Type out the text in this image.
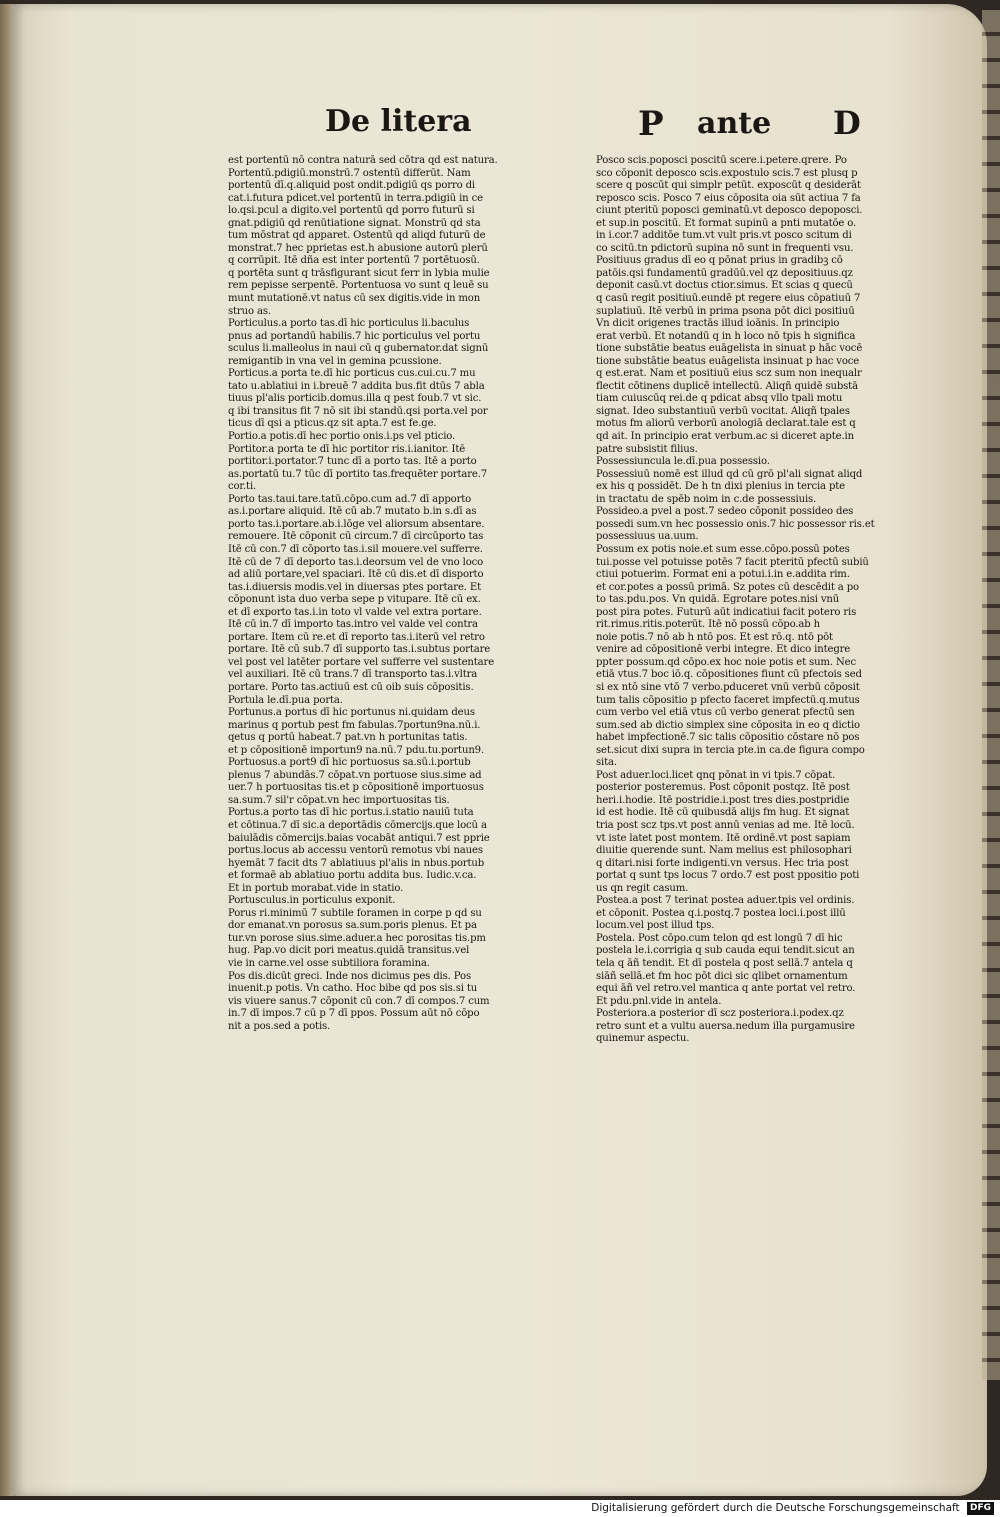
De litera	P ante D
est portentū nō contra naturā sed cōtra qd est natura.
Portentū.pdigiū.monstrū.7 ostentū differūt. Nam
portentū dī.q.aliquid post ondit.pdigiū qs porro di
cat.i.futura pdicet.vel portentū in terra.pdigiū in ce
lo.qsi.pcul a digito.vel portentū qd porro futurū si
gnat.pdigiū qd renūtiatione signat. Monstrū qd sta
tum mōstrat qd apparet. Ostentū qd aliqd futurū de
monstrat.7 hec pprietas est.h abusione autorū plerū
q corrūpit. Itē dña est inter portentū 7 portētuosū.
q portēta sunt q trāsfigurant sicut ferr in lybia mulie
rem pepisse serpentē. Portentuosa vo sunt q leuē su
munt mutationē.vt natus cū sex digitis.vide in mon
struo as.
Porticulus.a porto tas.dī hic porticulus li.baculus
pnus ad portandū habilis.7 hic porticulus vel portu
sculus li.malleolus in naui cū q gubernator.dat signū
remigantib in vna vel in gemina pcussione.
Porticus.a porta te.dī hic porticus cus.cui.cu.7 mu
tato u.ablatiui in i.breuē 7 addita bus.fit dtūs 7 abla
tiuus pl'alis porticib.domus.illa q pest foub.7 vt sic.
q ibi transitus fit 7 nō sit ibi standū.qsi porta.vel por
ticus dī qsi a pticus.qz sit apta.7 est fe.ge.
Portio.a potis.dī hec portio onis.i.ps vel pticio.
Portitor.a porta te dī hic portitor ris.i.ianitor. Itē
portitor.i.portator.7 tunc dī a porto tas. Itē a porto
as.portatū tu.7 tūc dī portito tas.frequēter portare.7
cor.ti.
Porto tas.taui.tare.tatū.cōpo.cum ad.7 dī apporto
as.i.portare aliquid. Itē cū ab.7 mutato b.in s.dī as
porto tas.i.portare.ab.i.lōge vel aliorsum absentare.
remouere. Itē cōponit cū circum.7 dī circūporto tas
Itē cū con.7 dī cōporto tas.i.sil mouere.vel sufferre.
Itē cū de 7 dī deporto tas.i.deorsum vel de vno loco
ad aliū portare,vel spaciari. Itē cū dis.et dī disporto
tas.i.diuersis modis.vel in diuersas ptes portare. Et
cōponunt ista duo verba sepe p vitupare. Itē cū ex.
et dī exporto tas.i.in toto vl valde vel extra portare.
Itē cū in.7 dī importo tas.intro vel valde vel contra
portare. Item cū re.et dī reporto tas.i.iterū vel retro
portare. Itē cū sub.7 dī supporto tas.i.subtus portare
vel post vel latēter portare vel sufferre vel sustentare
vel auxiliari. Itē cū trans.7 dī transporto tas.i.vltra
portare. Porto tas.actiuū est cū oib suis cōpositis.
Portula le.dī.pua porta.
Portunus.a portus dī hic portunus ni.quidam deus
marinus q portub pest fm fabulas.7portun9na.nū.i.
qetus q portū habeat.7 pat.vn h portunitas tatis.
et p cōpositionē importun9 na.nū.7 pdu.tu.portun9.
Portuosus.a port9 dī hic portuosus sa.sū.i.portub
plenus 7 abundās.7 cōpat.vn portuose sius.sime ad
uer.7 h portuositas tis.et p cōpositionē importuosus
sa.sum.7 sil'r cōpat.vn hec importuositas tis.
Portus.a porto tas dī hic portus.i.statio nauiū tuta
et cōtinua.7 dī sic.a deportādis cōmercijs.que locū a
baiulādis cōmercijs.baias vocabāt antiqui.7 est pprie
portus.locus ab accessu ventorū remotus vbi naues
hyemāt 7 facit dts 7 ablatiuus pl'alis in nbus.portub
et formaē ab ablatiuo portu addita bus. Iudic.v.ca.
Et in portub morabat.vide in statio.
Portusculus.in porticulus exponit.
Porus ri.minimū 7 subtile foramen in corpe p qd su
dor emanat.vn porosus sa.sum.poris plenus. Et pa
tur.vn porose sius.sime.aduer.a hec porositas tis.pm
hug. Pap.vo dicit pori meatus.quidā transitus.vel
vie in carne.vel osse subtiliora foramina.
Pos dis.dicūt greci. Inde nos dicimus pes dis. Pos
inuenit.p potis. Vn catho. Hoc bibe qd pos sis.si tu
vis viuere sanus.7 cōponit cū con.7 dī compos.7 cum
in.7 dī impos.7 cū p 7 dī ppos. Possum aūt nō cōpo
nit a pos.sed a potis.
Posco scis.poposci poscitū scere.i.petere.qrere. Po
sco cōponit deposco scis.expostulo scis.7 est plusq p
scere q poscūt qui simplr petūt. exposcūt q desiderāt
reposco scis. Posco 7 eius cōposita oia sūt actiua 7 fa
ciunt pteritū poposci geminatū.vt deposco depoposci.
et sup.in poscitū. Et format supinū a pnti mutatōe o.
in i.cor.7 additōe tum.vt vult pris.vt posco scitum di
co scitū.tn pdictorū supina nō sunt in frequenti vsu.
Positiuus gradus dī eo q pōnat prius in gradibꝫ cō
patōis.qsi fundamentū gradūū.vel qz depositiuus.qz
deponit casū.vt doctus ctior.simus. Et scias q quecū
q casū regit positiuū.eundē pt regere eius cōpatiuū 7
suplatiuū. Itē verbū in prima psona pōt dici positiuū
Vn dicit origenes tractās illud ioānis. In principio
erat verbū. Et notandū q in h loco nō tpis h significa
tione substātie beatus euāgelista in sinuat p hāc vocē
tione substātie beatus euāgelista insinuat p hac voce
q est.erat. Nam et positiuū eius scz sum non inequalr
flectit cōtinens duplicē intellectū. Aliqñ quidē substā
tiam cuiuscūq rei.de q pdicat absq vllo tpali motu
signat. Ideo substantiuū verbū vocitat. Aliqñ tpales
motus fm aliorū verborū anologiā declarat.tale est q
qd ait. In principio erat verbum.ac si diceret apte.in
patre subsistit filius.
Possessiuncula le.dī.pua possessio.
Possessiuū nomē est illud qd cū grō pl'ali signat aliqd
ex his q possidēt. De h tn dixi plenius in tercia pte
in tractatu de spēb noim in c.de possessiuis.
Possideo.a pvel a post.7 sedeo cōponit possideo des
possedi sum.vn hec possessio onis.7 hic possessor ris.et
possessiuus ua.uum.
Possum ex potis noie.et sum esse.cōpo.possū potes
tui.posse vel potuisse potēs 7 facit pteritū pfectū subiū
ctiui potuerim. Format eni a potui.i.in e.addita rim.
et cor.potes a possū primā. Sz potes cū descēdit a po
to tas.pdu.pos. Vn quidā. Egrotare potes.nisi vnū
post pira potes. Futurū aūt indicatiui facit potero ris
rit.rimus.ritis.poterūt. Itē nō possū cōpo.ab h
noie potis.7 nō ab h ntō pos. Et est rō.q. ntō pōt
venire ad cōpositionē verbi integre. Et dico integre
ppter possum.qd cōpo.ex hoc noie potis et sum. Nec
etiā vtus.7 boc iō.q. cōpositiones fiunt cū pfectois sed
si ex ntō sine vtō 7 verbo.pduceret vnū verbū cōposit
tum talis cōpositio p pfecto faceret impfectū.q.mutus
cum verbo vel etiā vtus cū verbo generat pfectū sen
sum.sed ab dictio simplex sine cōposita in eo q dictio
habet impfectionē.7 sic talis cōpositio cōstare nō pos
set.sicut dixi supra in tercia pte.in ca.de figura compo
sita.
Post aduer.loci.licet qnq pōnat in vi tpis.7 cōpat.
posterior posteremus. Post cōponit postqz. Itē post
heri.i.hodie. Itē postridie.i.post tres dies.postpridie
id est hodie. Itē cū quibusdā alijs fm hug. Et signat
tria post scz tps.vt post annū venias ad me. Itē locū.
vt iste latet post montem. Itē ordinē.vt post sapiam
diuitie querende sunt. Nam melius est philosophari
q ditari.nisi forte indigenti.vn versus. Hec tria post
portat q sunt tps locus 7 ordo.7 est post ppositio poti
us qn regit casum.
Postea.a post 7 terinat postea aduer.tpis vel ordinis.
et cōponit. Postea q.i.postq.7 postea loci.i.post illū
locum.vel post illud tps.
Postela. Post cōpo.cum telon qd est longū 7 dī hic
postela le.i.corrigia q sub cauda equi tendit.sicut an
tela q āñ tendit. Et dī postela q post sellā.7 antela q
siāñ sellā.et fm hoc pōt dici sic qlibet ornamentum
equi āñ vel retro.vel mantica q ante portat vel retro.
Et pdu.pnl.vide in antela.
Posteriora.a posterior dī scz posteriora.i.podex.qz
retro sunt et a vultu auersa.nedum illa purgamusire
quinemur aspectu.
Digitalisierung gefördert durch die Deutsche Forschungsgemeinschaft DFG
